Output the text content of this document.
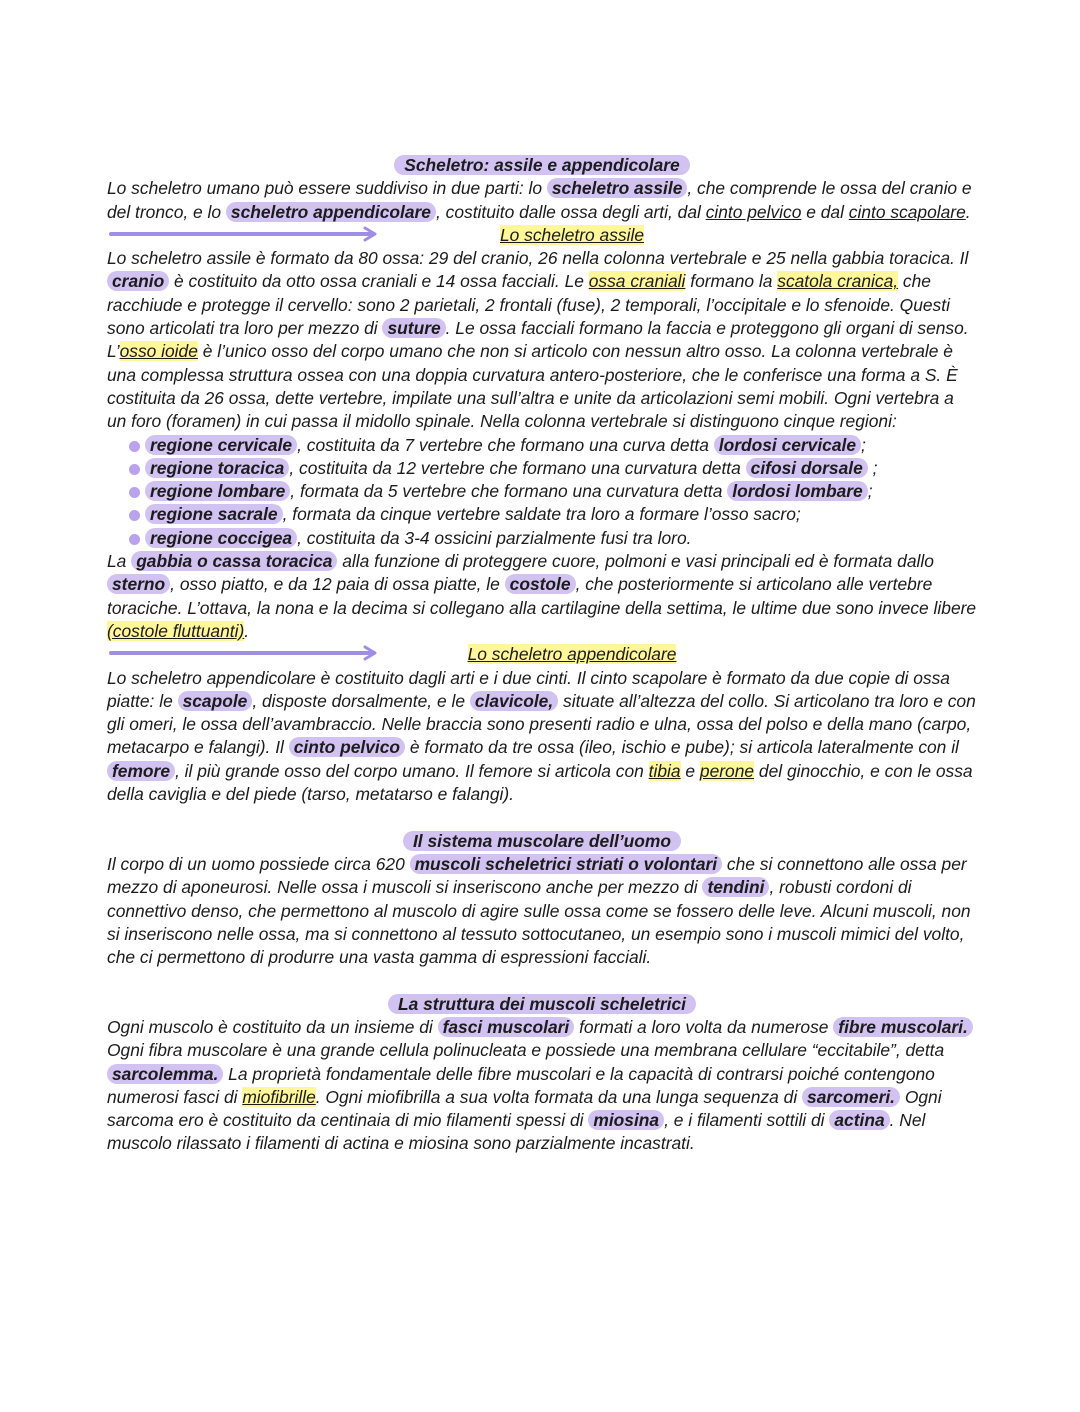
Scheletro: assile e appendicolare

Lo scheletro umano può essere suddiviso in due parti: lo scheletro assile , che comprende le ossa del cranio e del tronco, e lo scheletro appendicolare , costituito dalle ossa degli arti, dal cinto pelvico e dal cinto scapolare.

Lo scheletro assile

Lo scheletro assile è formato da 80 ossa: 29 del cranio, 26 nella colonna vertebrale e 25 nella gabbia toracica. Il cranio è costituito da otto ossa craniali e 14 ossa facciali. Le ossa craniali formano la scatola cranica, che racchiude e protegge il cervello: sono 2 parietali, 2 frontali (fuse), 2 temporali, l’occipitale e lo sfenoide. Questi sono articolati tra loro per mezzo di suture . Le ossa facciali formano la faccia e proteggono gli organi di senso. L’osso ioide è l’unico osso del corpo umano che non si articolo con nessun altro osso. La colonna vertebrale è una complessa struttura ossea con una doppia curvatura antero-posteriore, che le conferisce una forma a S. È costituita da 26 ossa, dette vertebre, impilate una sull’altra e unite da articolazioni semi mobili. Ogni vertebra a un foro (foramen) in cui passa il midollo spinale. Nella colonna vertebrale si distinguono cinque regioni:

regione cervicale , costituita da 7 vertebre che formano una curva detta lordosi cervicale ;
regione toracica , costituita da 12 vertebre che formano una curvatura detta cifosi dorsale ;
regione lombare , formata da 5 vertebre che formano una curvatura detta lordosi lombare ;
regione sacrale , formata da cinque vertebre saldate tra loro a formare l’osso sacro;
regione coccigea , costituita da 3-4 ossicini parzialmente fusi tra loro.

La gabbia o cassa toracica alla funzione di proteggere cuore, polmoni e vasi principali ed è formata dallo sterno , osso piatto, e da 12 paia di ossa piatte, le costole , che posteriormente si articolano alle vertebre toraciche. L’ottava, la nona e la decima si collegano alla cartilagine della settima, le ultime due sono invece libere (costole fluttuanti).

Lo scheletro appendicolare

Lo scheletro appendicolare è costituito dagli arti e i due cinti. Il cinto scapolare è formato da due copie di ossa piatte: le scapole , disposte dorsalmente, e le clavicole, situate all’altezza del collo. Si articolano tra loro e con gli omeri, le ossa dell’avambraccio. Nelle braccia sono presenti radio e ulna, ossa del polso e della mano (carpo, metacarpo e falangi). Il cinto pelvico è formato da tre ossa (ileo, ischio e pube); si articola lateralmente con il femore , il più grande osso del corpo umano. Il femore si articola con tibia e perone del ginocchio, e con le ossa della caviglia e del piede (tarso, metatarso e falangi).

Il sistema muscolare dell’uomo

Il corpo di un uomo possiede circa 620 muscoli scheletrici striati o volontari che si connettono alle ossa per mezzo di aponeurosi. Nelle ossa i muscoli si inseriscono anche per mezzo di tendini , robusti cordoni di connettivo denso, che permettono al muscolo di agire sulle ossa come se fossero delle leve. Alcuni muscoli, non si inseriscono nelle ossa, ma si connettono al tessuto sottocutaneo, un esempio sono i muscoli mimici del volto, che ci permettono di produrre una vasta gamma di espressioni facciali.

La struttura dei muscoli scheletrici

Ogni muscolo è costituito da un insieme di fasci muscolari formati a loro volta da numerose fibre muscolari. Ogni fibra muscolare è una grande cellula polinucleata e possiede una membrana cellulare “eccitabile”, detta sarcolemma. La proprietà fondamentale delle fibre muscolari e la capacità di contrarsi poiché contengono numerosi fasci di miofibrille. Ogni miofibrilla a sua volta formata da una lunga sequenza di sarcomeri. Ogni sarcoma ero è costituito da centinaia di mio filamenti spessi di miosina , e i filamenti sottili di actina . Nel muscolo rilassato i filamenti di actina e miosina sono parzialmente incastrati.
